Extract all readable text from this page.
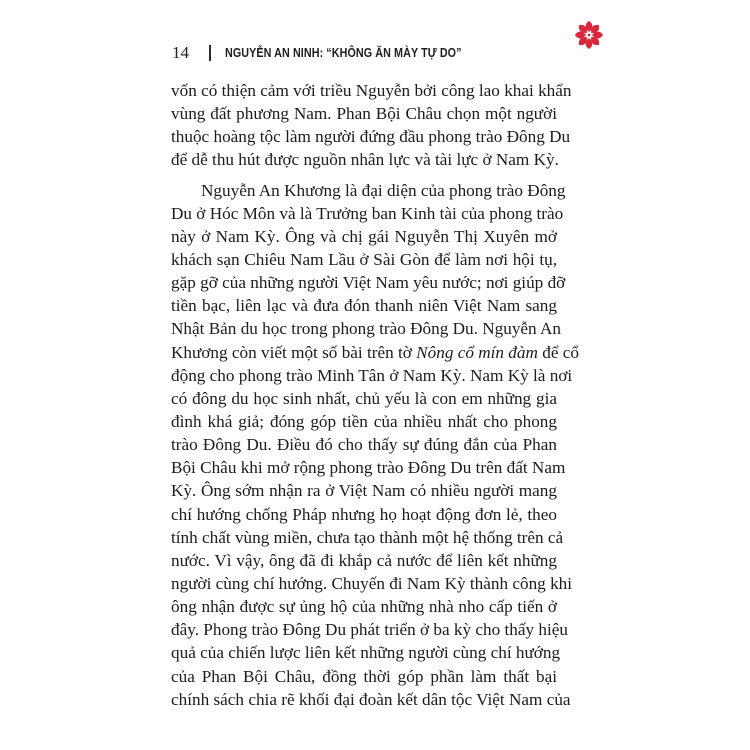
14	NGUYỄN AN NINH: “KHÔNG ĂN MÀY TỰ DO”
vốn có thiện cảm với triều Nguyễn bởi công lao khai khẩn
vùng đất phương Nam. Phan Bội Châu chọn một người
thuộc hoàng tộc làm người đứng đầu phong trào Đông Du
để dễ thu hút được nguồn nhân lực và tài lực ở Nam Kỳ.
Nguyễn An Khương là đại diện của phong trào Đông
Du ở Hóc Môn và là Trưởng ban Kinh tài của phong trào
này ở Nam Kỳ. Ông và chị gái Nguyễn Thị Xuyên mở
khách sạn Chiêu Nam Lầu ở Sài Gòn để làm nơi hội tụ,
gặp gỡ của những người Việt Nam yêu nước; nơi giúp đỡ
tiền bạc, liên lạc và đưa đón thanh niên Việt Nam sang
Nhật Bản du học trong phong trào Đông Du. Nguyễn An
Khương còn viết một số bài trên tờ Nông cổ mín đàm để cổ
động cho phong trào Minh Tân ở Nam Kỳ. Nam Kỳ là nơi
có đông du học sinh nhất, chủ yếu là con em những gia
đình khá giả; đóng góp tiền của nhiều nhất cho phong
trào Đông Du. Điều đó cho thấy sự đúng đắn của Phan
Bội Châu khi mở rộng phong trào Đông Du trên đất Nam
Kỳ. Ông sớm nhận ra ở Việt Nam có nhiều người mang
chí hướng chống Pháp nhưng họ hoạt động đơn lẻ, theo
tính chất vùng miền, chưa tạo thành một hệ thống trên cả
nước. Vì vậy, ông đã đi khắp cả nước để liên kết những
người cùng chí hướng. Chuyến đi Nam Kỳ thành công khi
ông nhận được sự ủng hộ của những nhà nho cấp tiến ở
đây. Phong trào Đông Du phát triển ở ba kỳ cho thấy hiệu
quả của chiến lược liên kết những người cùng chí hướng
của Phan Bội Châu, đồng thời góp phần làm thất bại
chính sách chia rẽ khối đại đoàn kết dân tộc Việt Nam của
